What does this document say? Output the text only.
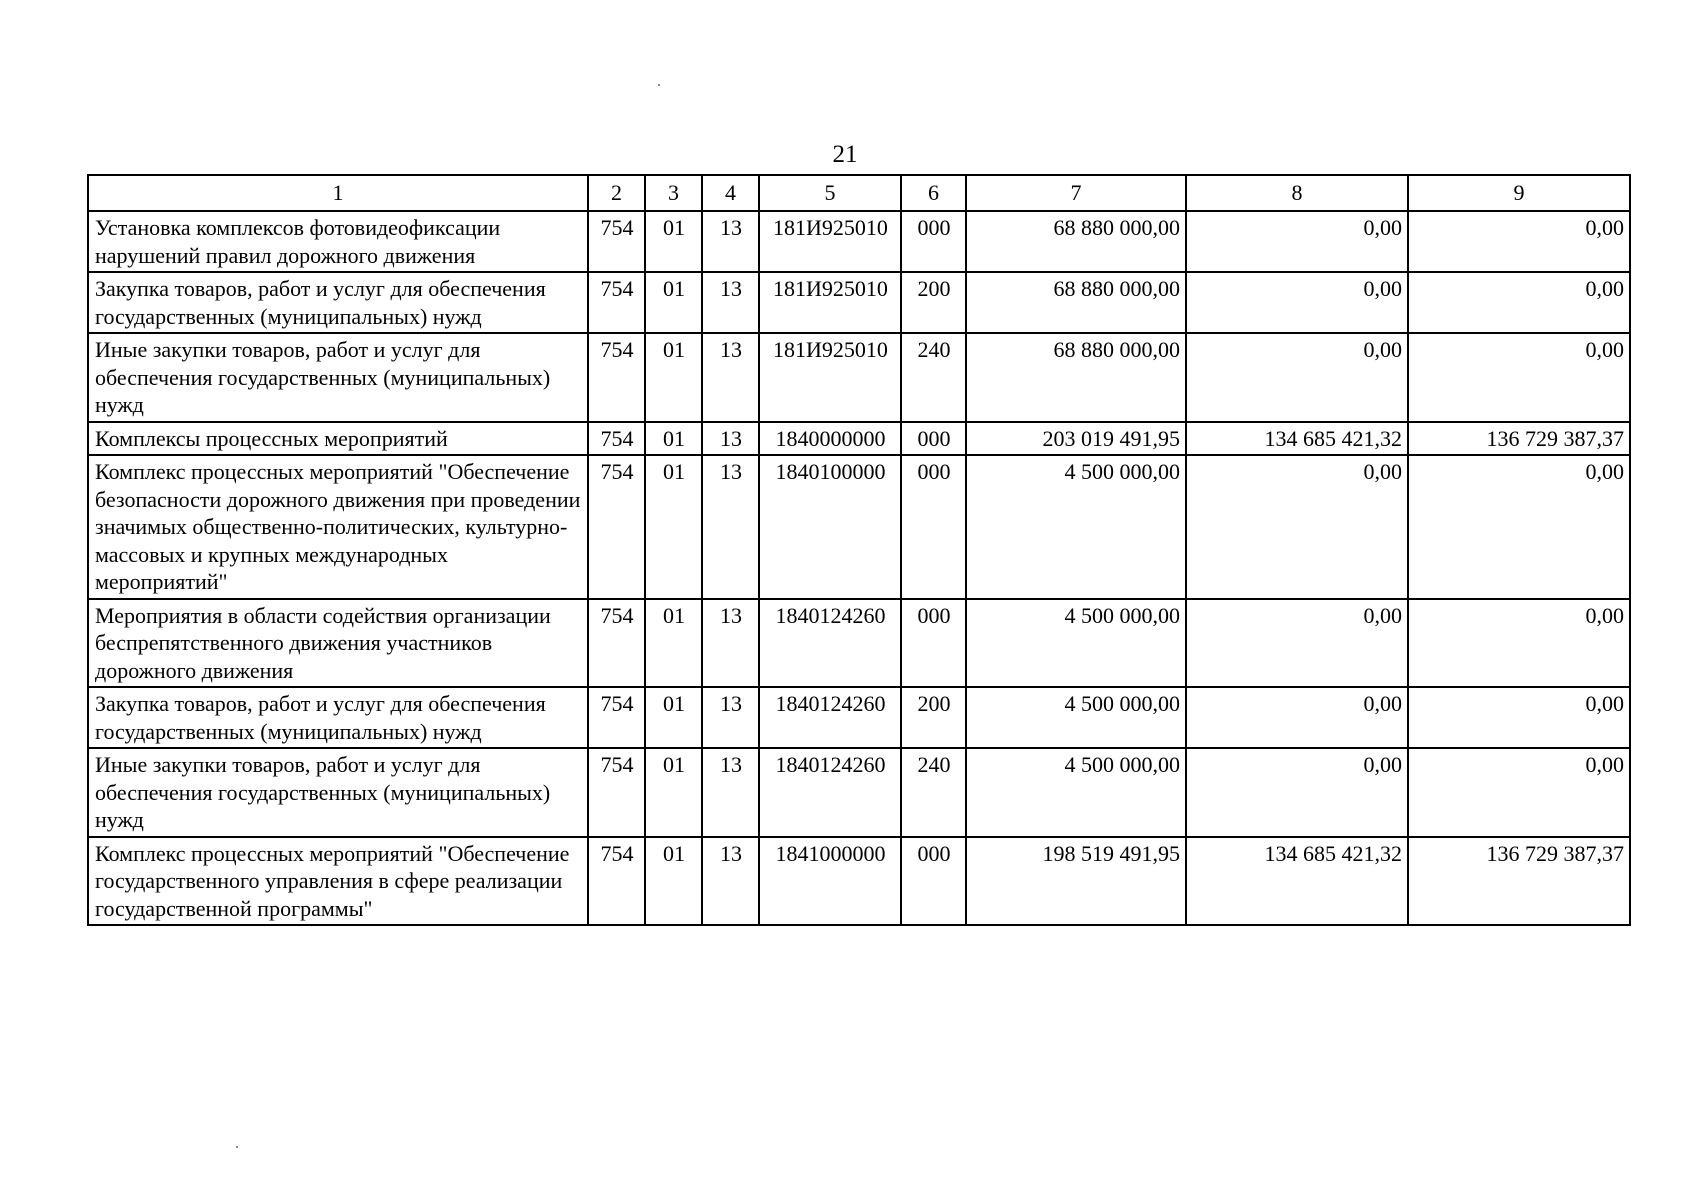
21
1	2	3	4	5	6	7	8	9
Установка комплексов фотовидеофиксации нарушений правил дорожного движения	754	01	13	181И925010	000	68 880 000,00	0,00	0,00
Закупка товаров, работ и услуг для обеспечения государственных (муниципальных) нужд	754	01	13	181И925010	200	68 880 000,00	0,00	0,00
Иные закупки товаров, работ и услуг для обеспечения государственных (муниципальных) нужд	754	01	13	181И925010	240	68 880 000,00	0,00	0,00
Комплексы процессных мероприятий	754	01	13	1840000000	000	203 019 491,95	134 685 421,32	136 729 387,37
Комплекс процессных мероприятий "Обеспечение безопасности дорожного движения при проведении значимых общественно-политических, культурно-массовых и крупных международных мероприятий"	754	01	13	1840100000	000	4 500 000,00	0,00	0,00
Мероприятия в области содействия организации беспрепятственного движения участников дорожного движения	754	01	13	1840124260	000	4 500 000,00	0,00	0,00
Закупка товаров, работ и услуг для обеспечения государственных (муниципальных) нужд	754	01	13	1840124260	200	4 500 000,00	0,00	0,00
Иные закупки товаров, работ и услуг для обеспечения государственных (муниципальных) нужд	754	01	13	1840124260	240	4 500 000,00	0,00	0,00
Комплекс процессных мероприятий "Обеспечение государственного управления в сфере реализации государственной программы"	754	01	13	1841000000	000	198 519 491,95	134 685 421,32	136 729 387,37
